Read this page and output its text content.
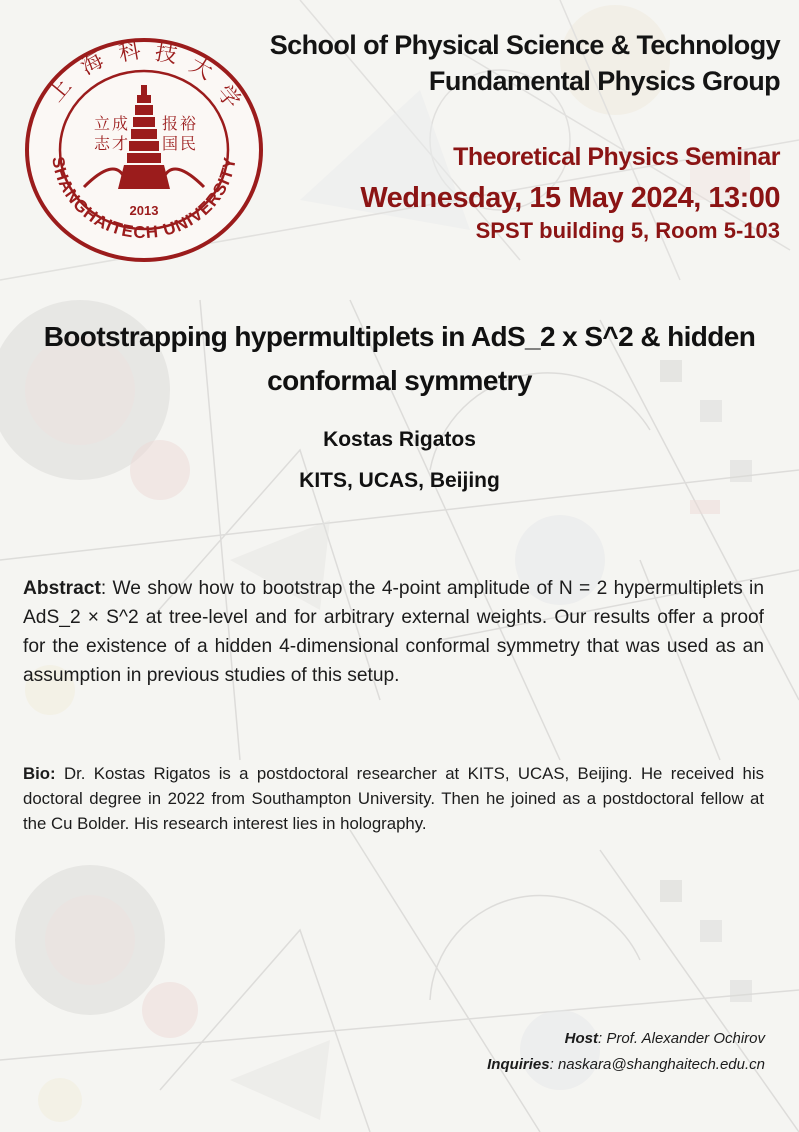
上
海 科 技 大
学
SHANGHAITECH UNIVERSITY
立 成 报 裕
志 才 国 民
2013
School of Physical Science & Technology
Fundamental Physics Group
Theoretical Physics Seminar
Wednesday, 15 May 2024, 13:00
SPST building 5, Room 5-103
Bootstrapping hypermultiplets in AdS_2 x S^2 & hidden conformal symmetry
Kostas Rigatos
KITS, UCAS, Beijing
Abstract: We show how to bootstrap the 4-point amplitude of N = 2 hypermultiplets in AdS_2 × S^2 at tree-level and for arbitrary external weights. Our results offer a proof for the existence of a hidden 4-dimensional conformal symmetry that was used as an assumption in previous studies of this setup.
Bio: Dr. Kostas Rigatos is a postdoctoral researcher at KITS, UCAS, Beijing. He received his doctoral degree in 2022 from Southampton University. Then he joined as a postdoctoral fellow at the Cu Bolder. His research interest lies in holography.
Host: Prof. Alexander Ochirov
Inquiries: naskara@shanghaitech.edu.cn
